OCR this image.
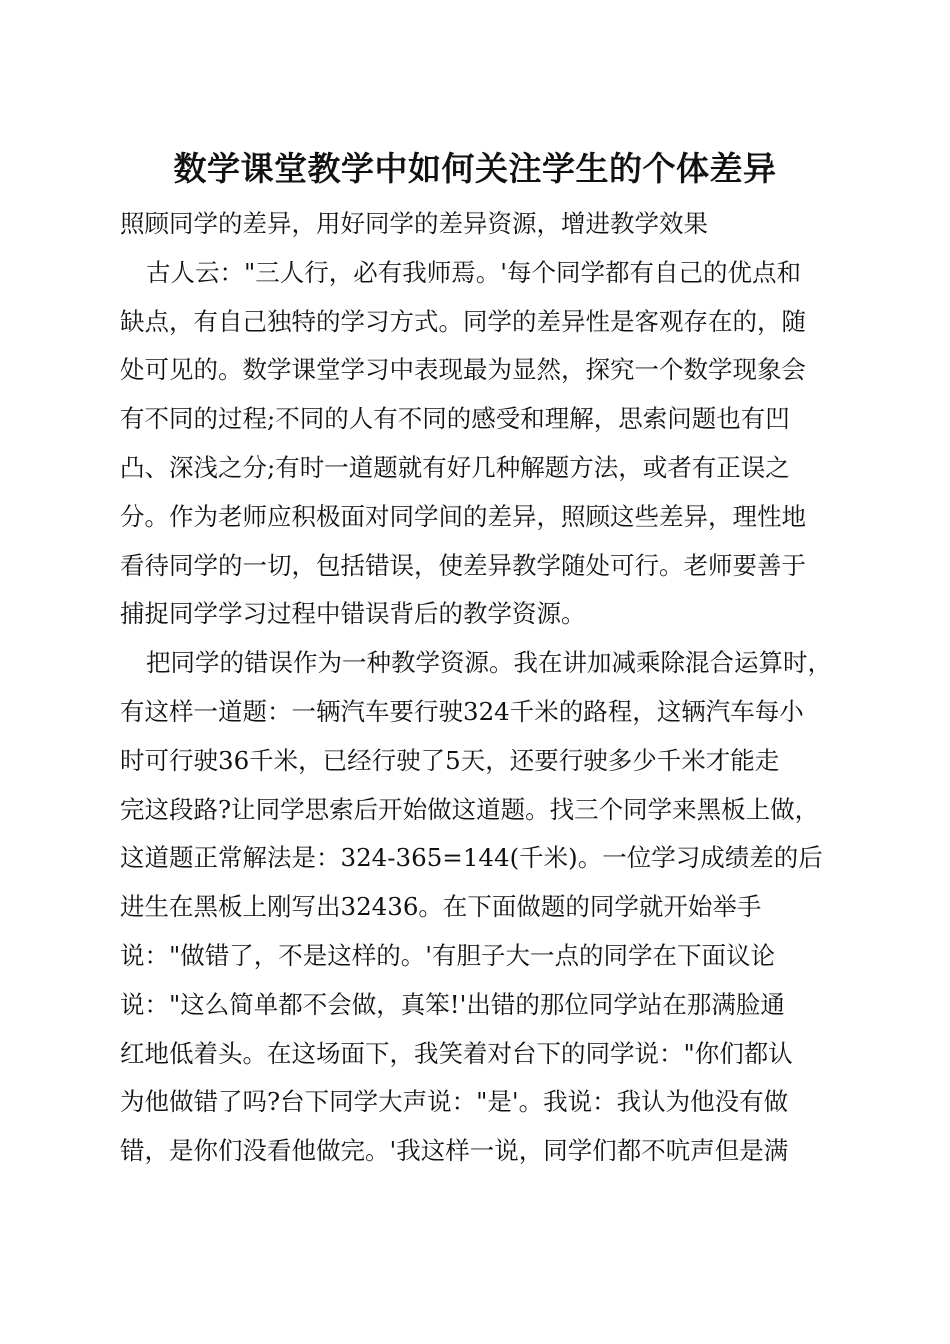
数学课堂教学中如何关注学生的个体差异
照顾同学的差异，用好同学的差异资源，增进教学效果
古人云："三人行，必有我师焉。'每个同学都有自己的优点和
缺点，有自己独特的学习方式。同学的差异性是客观存在的，随
处可见的。数学课堂学习中表现最为显然，探究一个数学现象会
有不同的过程;不同的人有不同的感受和理解，思索问题也有凹
凸、深浅之分;有时一道题就有好几种解题方法，或者有正误之
分。作为老师应积极面对同学间的差异，照顾这些差异，理性地
看待同学的一切，包括错误，使差异教学随处可行。老师要善于
捕捉同学学习过程中错误背后的教学资源。
把同学的错误作为一种教学资源。我在讲加减乘除混合运算时，
有这样一道题：一辆汽车要行驶324千米的路程，这辆汽车每小
时可行驶36千米，已经行驶了5天，还要行驶多少千米才能走
完这段路?让同学思索后开始做这道题。找三个同学来黑板上做，
这道题正常解法是：324-365=144(千米)。一位学习成绩差的后
进生在黑板上刚写出32436。在下面做题的同学就开始举手
说："做错了，不是这样的。'有胆子大一点的同学在下面议论
说："这么简单都不会做，真笨!'出错的那位同学站在那满脸通
红地低着头。在这场面下，我笑着对台下的同学说："你们都认
为他做错了吗?台下同学大声说："是'。我说：我认为他没有做
错，是你们没看他做完。'我这样一说，同学们都不吭声但是满
